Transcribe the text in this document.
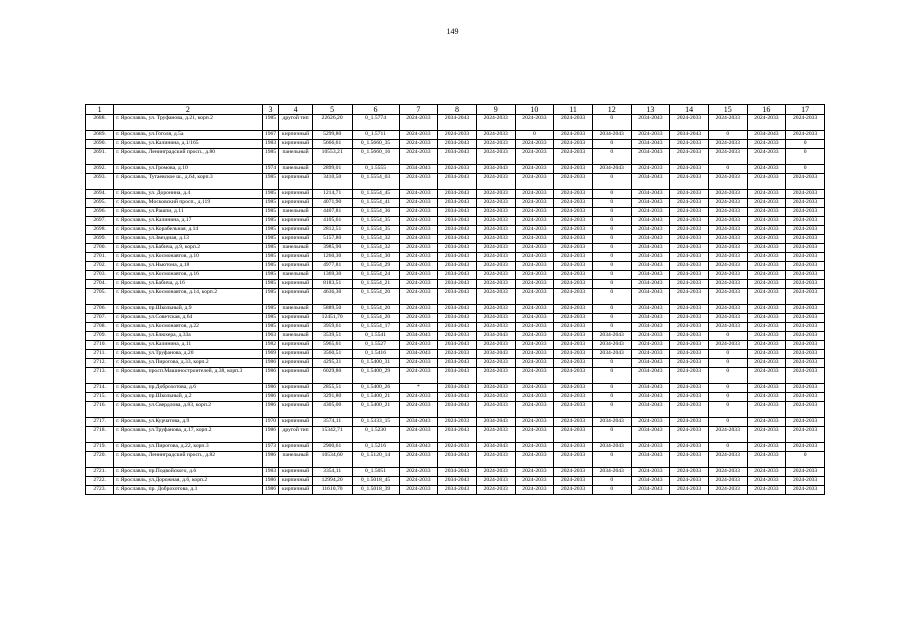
149
1	2	3	4	5	6	7	8	9	10	11	12	13	14	15	16	17
2688.	г. Ярославль, ул. Труфанова, д.21, корп.2	1985	другой тип	22626,20	0_1.5774	2024-2033	2034-2043	2024-2033	2024-2033	2024-2033	0	2034-2043	2024-2033	2024-2033	2024-2033	2024-2033
2689.	г. Ярославль, ул.Гоголя, д.5а	1967	кирпичный	5299,80	0_1.5711	2024-2033	2024-2033	2024-2033	0	2024-2033	2034-2043	2024-2033	2034-2043	0	2034-2043	2024-2033
2690.	г. Ярославль, ул.Калинина, д.1/165	1983	кирпичный	5666,61	0_1.5660_35	2024-2033	2034-2043	2024-2033	2024-2033	2024-2033	0	2034-2043	2024-2033	2024-2033	2024-2033	0
2691.	г. Ярославль, Ленинградский просп., д.80	1985	панельный	10553,21	0_1.5660_16	2024-2033	2034-2043	2024-2033	2024-2033	2024-2033	0	2034-2043	2024-2033	2024-2033	2024-2033	0
2692.	г. Ярославль, ул.Громова, д.10	1974	панельный	2899,01	0_1.5555	2034-2043	2024-2033	2034-2043	2024-2033	2024-2033	2034-2043	2024-2033	2024-2033	0	2024-2033	0
2693.	г. Ярославль, Тутаевское ш., д.64, корп.3	1985	кирпичный	3410,50	0_1.5554_03	2024-2033	2034-2043	2024-2033	2024-2033	2024-2033	0	2034-2043	2024-2033	2024-2033	2024-2033	2024-2033
2694.	г. Ярославль, ул. Доронина, д.4	1985	кирпичный	1214,71	0_1.5554_45	2024-2033	2034-2043	2024-2033	2024-2033	2024-2033	0	2034-2043	2024-2033	2024-2033	2024-2033	2024-2033
2695.	г. Ярославль, Московский просп., д.119	1985	кирпичный	4071,90	0_1.5554_41	2024-2033	2034-2043	2024-2033	2024-2033	2024-2033	0	2034-2043	2024-2033	2024-2033	2024-2033	2024-2033
2696.	г. Ярославль, ул.Рашпи, д.11	1985	панельный	4407,81	0_1.5554_36	2024-2033	2034-2043	2024-2033	2024-2033	2024-2033	0	2024-2033	2024-2033	2024-2033	2024-2033	2024-2033
2697.	г. Ярославль, ул.Калинина, д.17	1985	кирпичный	4105,61	0_1.5554_35	2024-2033	2034-2043	2024-2033	2024-2033	2024-2033	0	2034-2043	2024-2033	2024-2033	2024-2033	2024-2033
2698.	г. Ярославль, ул.Корабельная, д.14	1985	кирпичный	2812,51	0_1.5554_35	2024-2033	2034-2043	2024-2033	2024-2033	2024-2033	0	2034-2043	2024-2033	2024-2033	2024-2033	2024-2033
2699.	г. Ярославль, ул.Звездная, д.13	1985	кирпичный	5157,80	0_1.5554_32	2024-2033	2034-2043	2024-2033	2024-2033	2024-2033	0	2034-2043	2024-2033	2024-2033	2024-2033	2024-2033
2700.	г. Ярославль, ул.Бабича, д.9, корп.2	1985	панельный	3985,90	0_1.5554_32	2024-2033	2034-2043	2024-2033	2024-2033	2024-2033	0	2034-2043	2024-2033	2024-2033	2024-2033	2024-2033
2701.	г. Ярославль, ул.Космонавтов, д.10	1985	кирпичный	1260,30	0_1.5554_30	2024-2033	2034-2043	2024-2033	2024-2033	2024-2033	0	2034-2043	2024-2033	2024-2033	2024-2033	2024-2033
2702.	г. Ярославль, ул.Ньютона, д.18	1985	кирпичный	4977,81	0_1.5554_29	2024-2033	2034-2043	2024-2033	2024-2033	2024-2033	0	2034-2043	2024-2033	2024-2033	2024-2033	2024-2033
2703.	г. Ярославль, ул.Космонавтов, д.16	1985	панельный	1369,30	0_1.5554_24	2024-2033	2034-2043	2024-2033	2024-2033	2024-2033	0	2034-2043	2024-2033	2024-2033	2024-2033	2024-2033
2704.	г. Ярославль, ул.Бабича, д.16	1985	кирпичный	8183,51	0_1.5554_21	2024-2033	2034-2043	2024-2033	2024-2033	2024-2033	0	2034-2043	2024-2033	2024-2033	2024-2033	2024-2033
2705.	г. Ярославль, ул.Космонавтов, д.14, корп.2	1985	кирпичный	4636,30	0_1.5554_20	2024-2033	2034-2043	2024-2033	2024-2033	2024-2033	0	2034-2043	2024-2033	2024-2033	2024-2033	2024-2033
2706.	г. Ярославль, пр.Школьный, д.9	1985	панельный	5889,50	0_1.5554_20	2024-2033	2034-2043	2024-2033	2024-2033	2024-2033	0	2034-2043	2024-2033	2024-2033	2024-2033	2024-2033
2707.	г. Ярославль, ул.Советская, д.64	1985	кирпичный	12451,70	0_1.5554_20	2024-2033	2034-2043	2024-2033	2024-2033	2024-2033	0	2034-2043	2024-2033	2024-2033	2024-2033	2024-2033
2708.	г. Ярославль, ул.Космонавтов, д.22	1985	кирпичный	3959,61	0_1.5554_17	2024-2033	2034-2043	2024-2033	2024-2033	2024-2033	0	2034-2043	2024-2033	2024-2033	2024-2033	2024-2033
2709.	г. Ярославль, ул.Блюхера, д.33а	1963	панельный	3539,51	0_1.5541	2034-2043	2024-2033	2034-2043	2024-2033	2024-2033	2034-2043	2024-2033	2024-2033	0	2024-2033	2024-2033
2710.	г. Ярославль, ул.Калинина, д.11	1982	кирпичный	5965,61	0_1.5527	2024-2033	2034-2043	2024-2033	2024-2033	2024-2033	2034-2043	2024-2033	2024-2033	2024-2033	2024-2033	2024-2033
2711.	г. Ярославль, ул.Труфанова, д.20	1969	кирпичный	3560,51	0_1.5416	2034-2043	2024-2033	2034-2043	2024-2033	2024-2033	2034-2043	2024-2033	2024-2033	0	2024-2033	2024-2033
2712.	г. Ярославль, ул.Пирогова, д.33, корп.2	1986	кирпичный	4295,31	0_1.5400_31	2024-2033	2034-2043	2024-2033	2024-2033	2024-2033	0	2034-2043	2024-2033	0	2024-2033	2024-2033
2713.	г. Ярославль, просп.Машиностроителей, д.38, корп.3	1986	кирпичный	6029,80	0_1.5400_29	2024-2033	2034-2043	2024-2033	2024-2033	2024-2033	0	2034-2043	2024-2033	0	2024-2033	2024-2033
2714.	г. Ярославль, пр.Доброхотова, д.6	1986	кирпичный	2855,51	0_1.5400_26	*	2034-2043	2024-2033	2024-2033	2024-2033	0	2034-2043	2024-2033	0	2024-2033	2024-2033
2715.	г. Ярославль, пр.Школьный, д.2	1986	кирпичный	3291,80	0_1.5400_21	2024-2033	2034-2043	2024-2033	2024-2033	2024-2033	0	2034-2043	2024-2033	0	2024-2033	2024-2033
2716.	г. Ярославль, ул.Свердлова, д.83, корп.2	1986	кирпичный	4305,00	0_1.5400_21	2024-2033	2034-2043	2024-2033	2024-2033	2024-2033	0	2034-2043	2024-2033	0	2024-2033	2024-2033
2717.	г. Ярославль, ул.Курчатова, д.9	1970	кирпичный	3574,11	0_1.5333_15	2034-2043	2024-2033	2034-2043	2024-2033	2024-2033	2034-2043	2024-2033	2024-2033	0	2024-2033	2024-2033
2718.	г. Ярославль, ул.Труфанова, д.17, корп.2	1986	другой тип	15342,71	0_1.5230	2024-2033	2034-2043	2024-2033	2024-2033	2024-2033	0	2034-2043	2024-2033	2024-2033	2024-2033	2024-2033
2719.	г. Ярославль, ул.Пирогова, д.22, корп.3	1973	кирпичный	2900,61	0_1.5216	2034-2043	2024-2033	2034-2043	2024-2033	2024-2033	2034-2043	2024-2033	2024-2033	0	2024-2033	2024-2033
2720.	г. Ярославль, Ленинградский просп., д.82	1986	панельный	10534,60	0_1.5120_14	2024-2033	2034-2043	2024-2033	2024-2033	2024-2033	0	2034-2043	2024-2033	2024-2033	2024-2033	0
2721.	г. Ярославль, пр.Подвойского, д.6	1983	кирпичный	3354,11	0_1.5051	2024-2033	2034-2043	2024-2033	2024-2033	2024-2033	2034-2043	2024-2033	2024-2033	2024-2033	2024-2033	2024-2033
2722.	г. Ярославль, ул.Дорожная, д.6, корп.2	1986	кирпичный	12994,20	0_1.5018_45	2024-2033	2034-2043	2024-2033	2024-2033	2024-2033	0	2034-2043	2024-2033	2024-2033	2024-2033	2024-2033
2723.	г. Ярославль, пр. Доброхотова, д.1	1986	кирпичный	11610,70	0_1.5018_39	2024-2033	2034-2043	2024-2033	2024-2033	2024-2033	0	2034-2043	2024-2033	2024-2033	2024-2033	2024-2033
